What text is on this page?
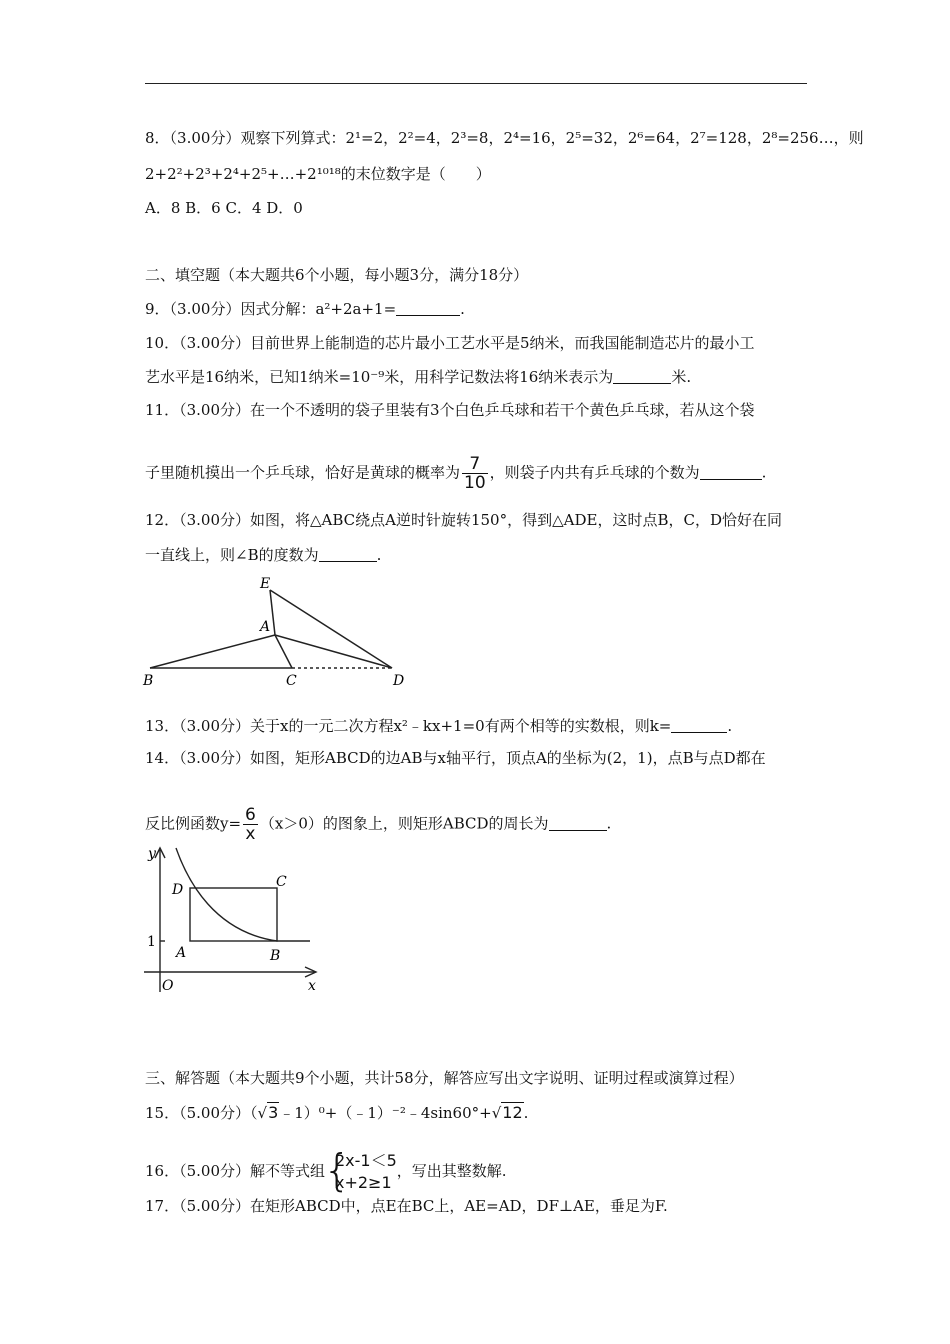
8．（3.00分）观察下列算式：2¹=2，2²=4，2³=8，2⁴=16，2⁵=32，2⁶=64，2⁷=128，2⁸=256…，则
2+2²+2³+2⁴+2⁵+…+2¹⁰¹⁸的末位数字是（　　）
A．8 B．6 C．4 D．0
二、填空题（本大题共6个小题，每小题3分，满分18分）
9．（3.00分）因式分解：a²+2a+1=	.
10．（3.00分）目前世界上能制造的芯片最小工艺水平是5纳米，而我国能制造芯片的最小工
艺水平是16纳米，已知1纳米=10⁻⁹米，用科学记数法将16纳米表示为	米.
11．（3.00分）在一个不透明的袋子里装有3个白色乒乓球和若干个黄色乒乓球，若从这个袋
子里随机摸出一个乒乓球，恰好是黄球的概率为 $\frac{7}{10}$ ，则袋子内共有乒乓球的个数为	.
12．（3.00分）如图，将△ABC绕点A逆时针旋转150°，得到△ADE，这时点B，C，D恰好在同
一直线上，则∠B的度数为	.
E
A
B	C	D
13．（3.00分）关于x的一元二次方程x²﹣kx+1=0有两个相等的实数根，则k=	.
14．（3.00分）如图，矩形ABCD的边AB与x轴平行，顶点A的坐标为(2，1)，点B与点D都在
反比例函数$y= \frac{6}{x} (x>0)$的图象上，则矩形ABCD的周长为	.
y
x
O
1
A	B
C
D
三、解答题（本大题共9个小题，共计58分，解答应写出文字说明、证明过程或演算过程）
15．（5.00分）（√3﹣1）⁰+（﹣1）⁻²﹣4sin60°+√12.
16．（5.00分）解不等式组
{
2x-1＜5
x+2≥1
，写出其整数解.
17．（5.00分）在矩形ABCD中，点E在BC上，AE=AD，DF⊥AE，垂足为F.
